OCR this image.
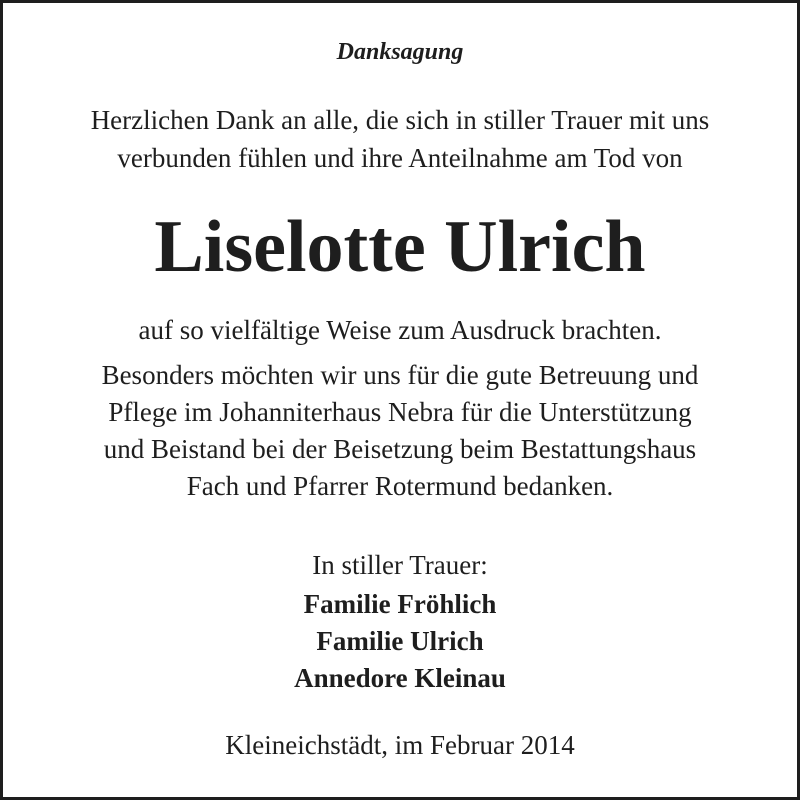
Danksagung
Herzlichen Dank an alle, die sich in stiller Trauer mit uns
verbunden fühlen und ihre Anteilnahme am Tod von
Liselotte Ulrich
auf so vielfältige Weise zum Ausdruck brachten.
Besonders möchten wir uns für die gute Betreuung und
Pflege im Johanniterhaus Nebra für die Unterstützung
und Beistand bei der Beisetzung beim Bestattungshaus
Fach und Pfarrer Rotermund bedanken.
In stiller Trauer:
Familie Fröhlich
Familie Ulrich
Annedore Kleinau
Kleineichstädt, im Februar 2014
